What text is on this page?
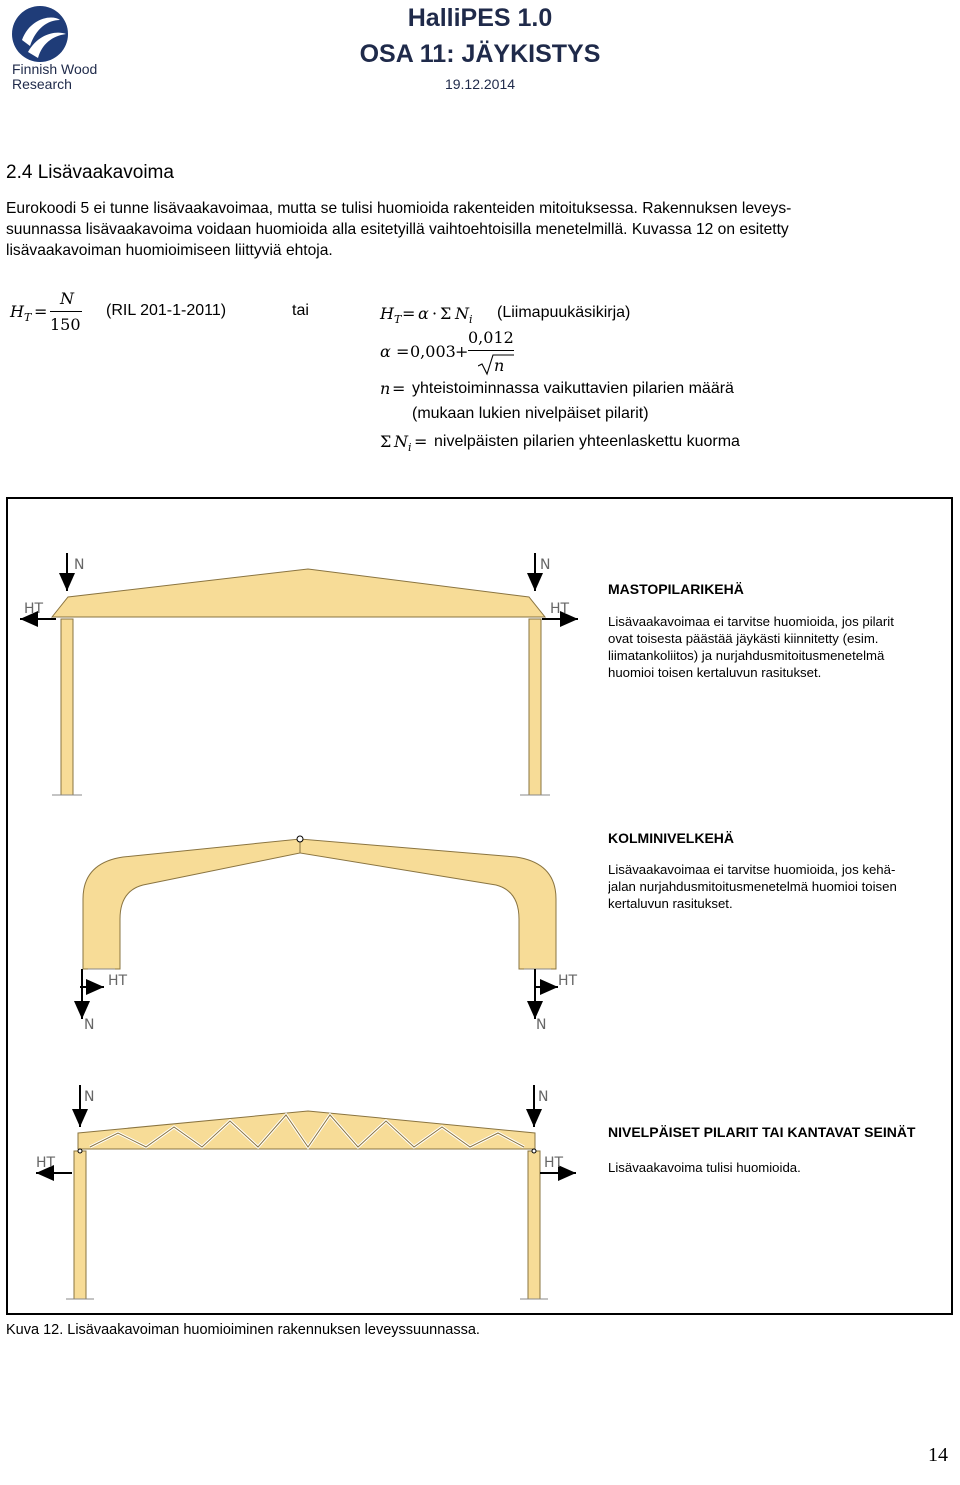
Finnish Wood
Research
HalliPES 1.0
OSA 11: JÄYKISTYS
19.12.2014
2.4 Lisävaakavoima
Eurokoodi 5 ei tunne lisävaakavoimaa, mutta se tulisi huomioida rakenteiden mitoituksessa. Rakennuksen leveys-
suunnassa lisävaakavoima voidaan huomioida alla esitetyillä vaihtoehtoisilla menetelmillä. Kuvassa 12 on esitetty
lisävaakavoiman huomioimiseen liittyviä ehtoja.
$H_T$ =
N
150
(RIL 201-1-2011)	tai	$H_T = \alpha \cdot \Sigma$ $N_i$ (Liimapuukäsikirja)
α = 0,003 +
0,012
n
n = yhteistoiminnassa vaikuttavien pilarien määrä
(mukaan lukien nivelpäiset pilarit)
Σ $N_i$ = nivelpäisten pilarien yhteenlaskettu kuorma
N	N
HT	HT
HT	HT
N	N
N	N
HT	HT
MASTOPILARIKEHÄ
Lisävaakavoimaa ei tarvitse huomioida, jos pilarit
ovat toisesta päästää jäykästi kiinnitetty (esim.
liimatankoliitos) ja nurjahdusmitoitusmenetelmä
huomioi toisen kertaluvun rasitukset.
KOLMINIVELKEHÄ
Lisävaakavoimaa ei tarvitse huomioida, jos kehä-
jalan nurjahdusmitoitusmenetelmä huomioi toisen
kertaluvun rasitukset.
NIVELPÄISET PILARIT TAI KANTAVAT SEINÄT
Lisävaakavoima tulisi huomioida.
Kuva 12. Lisävaakavoiman huomioiminen rakennuksen leveyssuunnassa.
14
